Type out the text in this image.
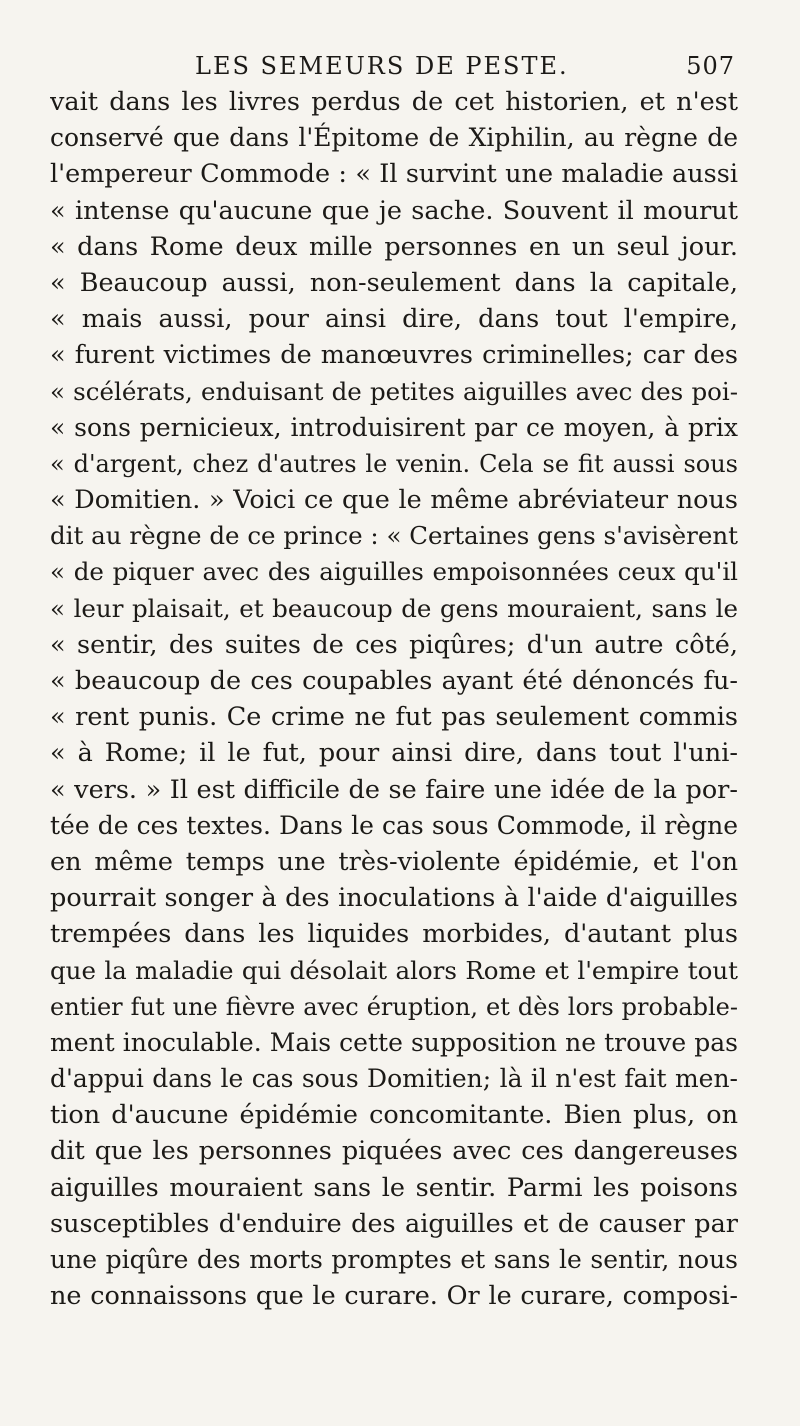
LES SEMEURS DE PESTE.	507
vait dans les livres perdus de cet historien, et n'est
conservé que dans l'Épitome de Xiphilin, au règne de
l'empereur Commode : « Il survint une maladie aussi
« intense qu'aucune que je sache. Souvent il mourut
« dans Rome deux mille personnes en un seul jour.
« Beaucoup aussi, non-seulement dans la capitale,
« mais aussi, pour ainsi dire, dans tout l'empire,
« furent victimes de manœuvres criminelles; car des
« scélérats, enduisant de petites aiguilles avec des poi-
« sons pernicieux, introduisirent par ce moyen, à prix
« d'argent, chez d'autres le venin. Cela se fit aussi sous
« Domitien. » Voici ce que le même abréviateur nous
dit au règne de ce prince : « Certaines gens s'avisèrent
« de piquer avec des aiguilles empoisonnées ceux qu'il
« leur plaisait, et beaucoup de gens mouraient, sans le
« sentir, des suites de ces piqûres; d'un autre côté,
« beaucoup de ces coupables ayant été dénoncés fu-
« rent punis. Ce crime ne fut pas seulement commis
« à Rome; il le fut, pour ainsi dire, dans tout l'uni-
« vers. » Il est difficile de se faire une idée de la por-
tée de ces textes. Dans le cas sous Commode, il règne
en même temps une très-violente épidémie, et l'on
pourrait songer à des inoculations à l'aide d'aiguilles
trempées dans les liquides morbides, d'autant plus
que la maladie qui désolait alors Rome et l'empire tout
entier fut une fièvre avec éruption, et dès lors probable-
ment inoculable. Mais cette supposition ne trouve pas
d'appui dans le cas sous Domitien; là il n'est fait men-
tion d'aucune épidémie concomitante. Bien plus, on
dit que les personnes piquées avec ces dangereuses
aiguilles mouraient sans le sentir. Parmi les poisons
susceptibles d'enduire des aiguilles et de causer par
une piqûre des morts promptes et sans le sentir, nous
ne connaissons que le curare. Or le curare, composi-
